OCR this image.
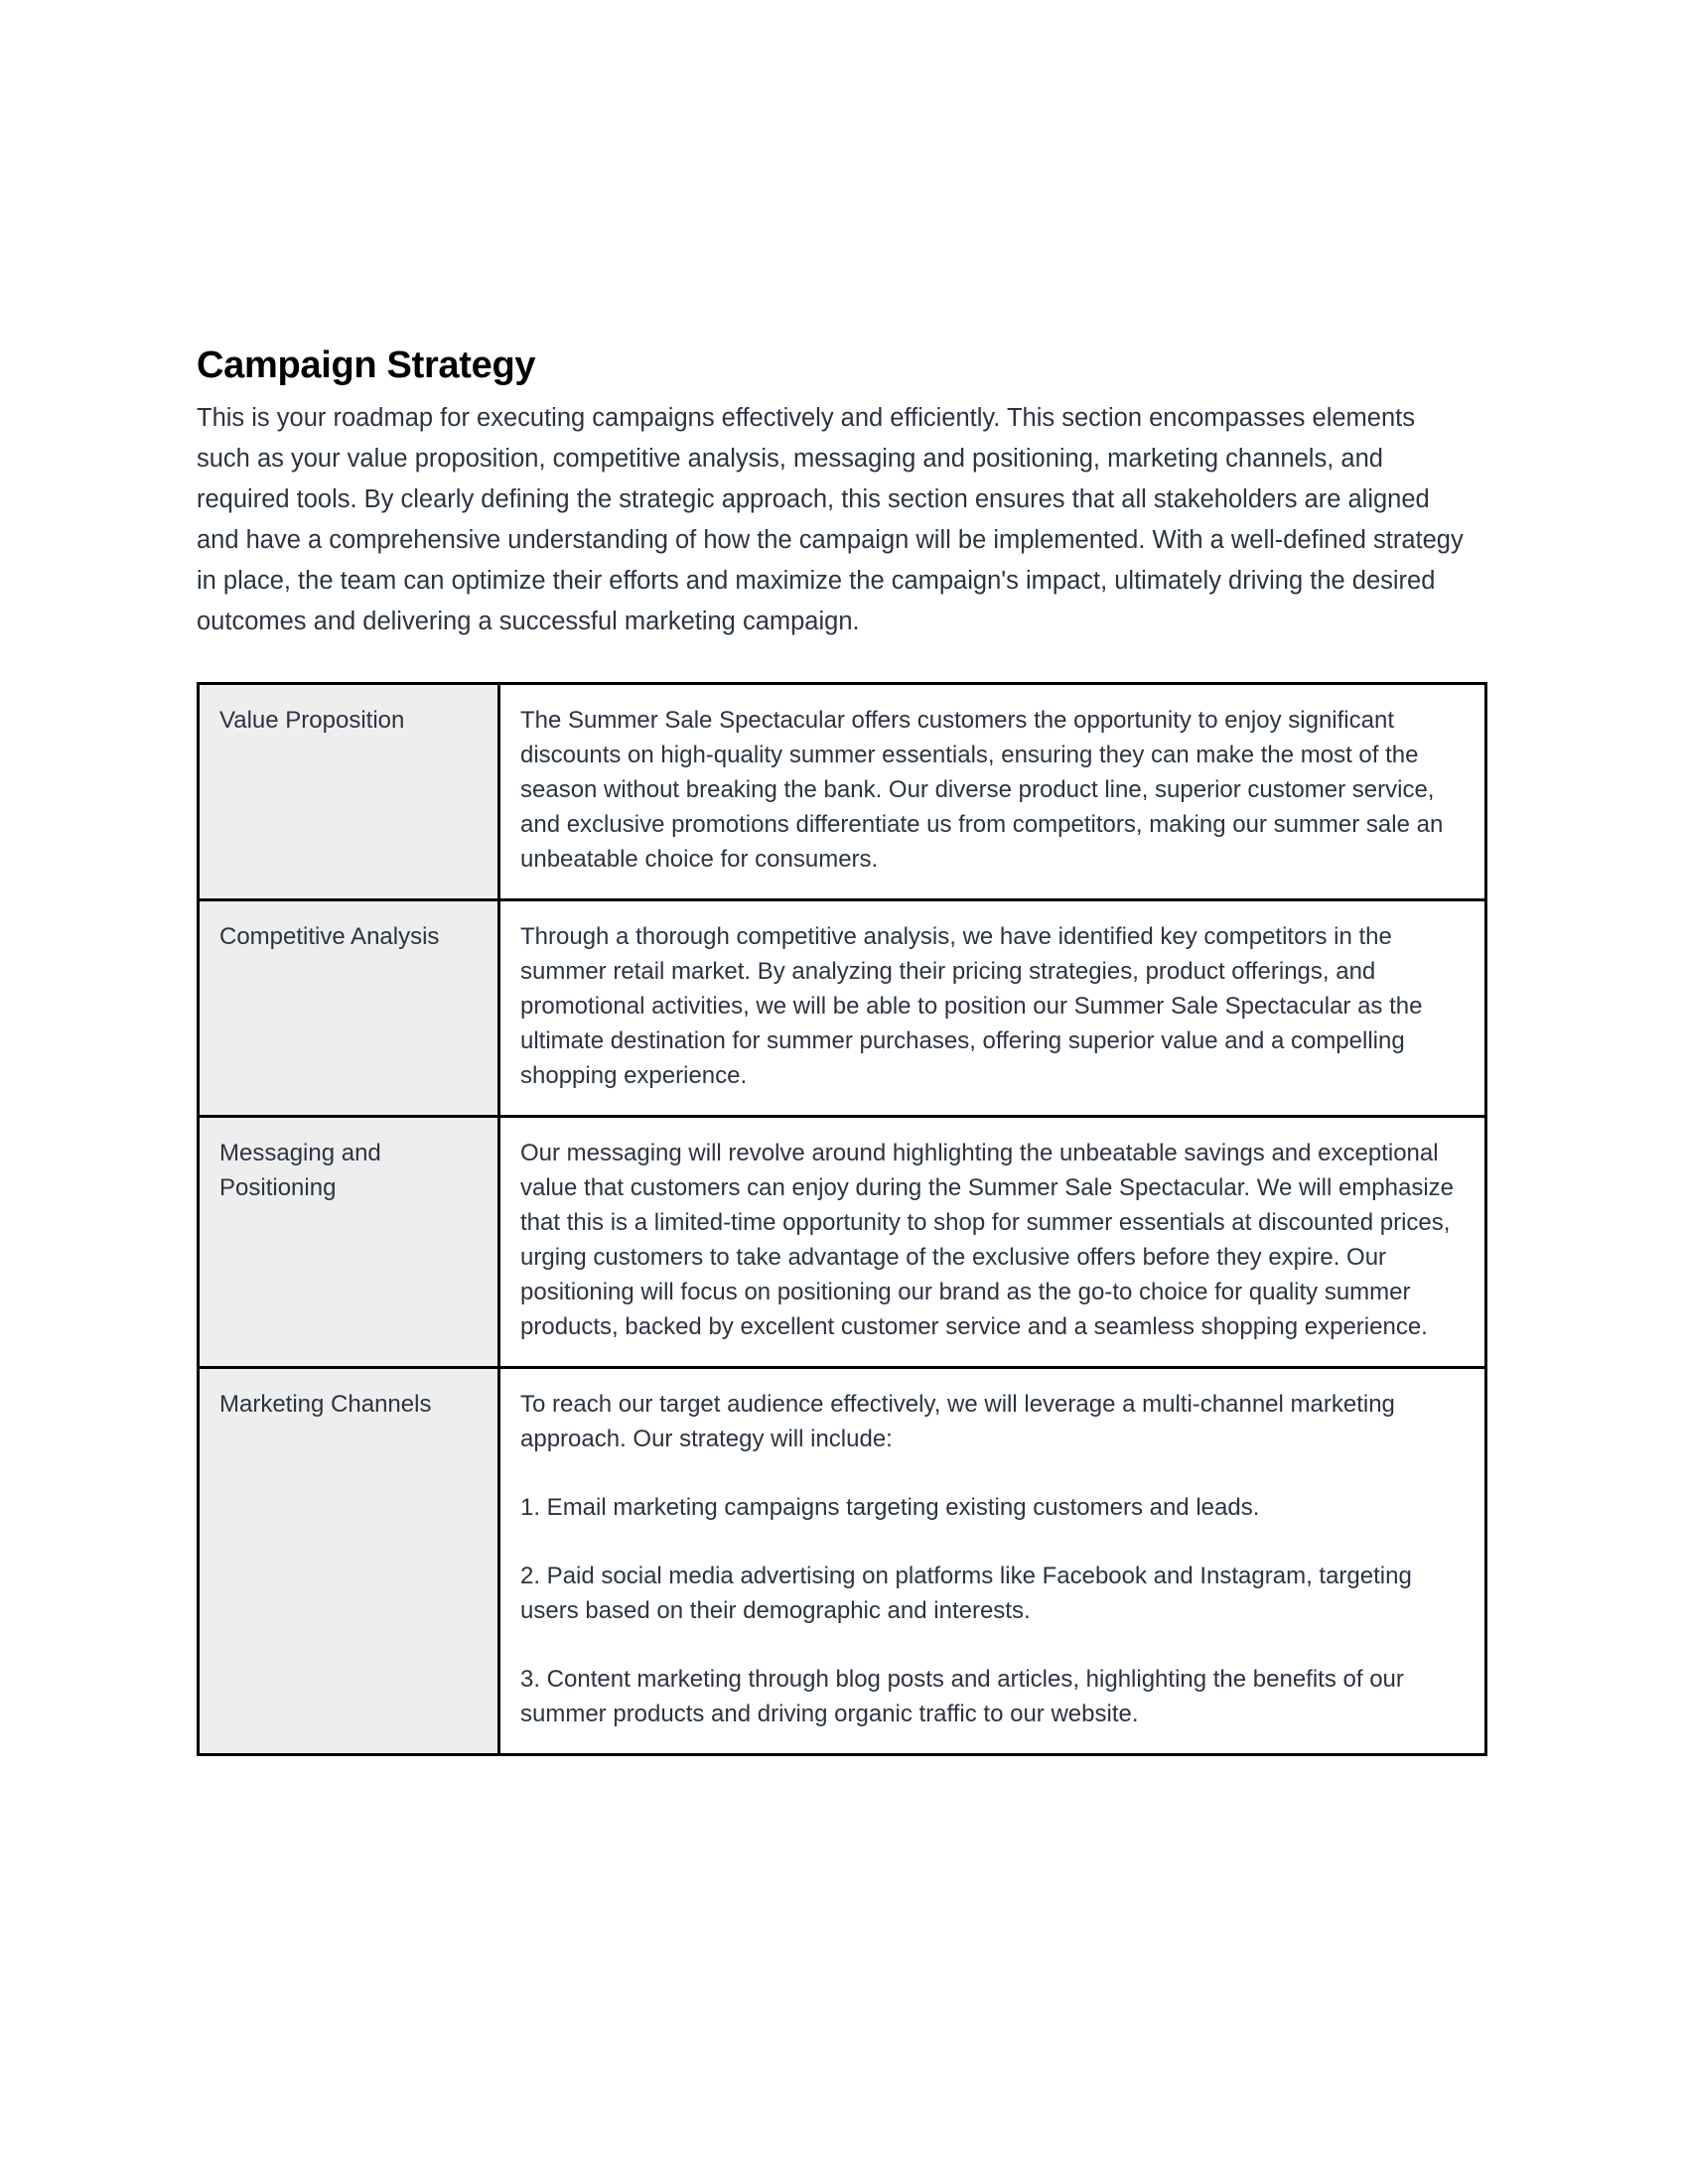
Campaign Strategy

This is your roadmap for executing campaigns effectively and efficiently. This section encompasses elements such as your value proposition, competitive analysis, messaging and positioning, marketing channels, and required tools. By clearly defining the strategic approach, this section ensures that all stakeholders are aligned and have a comprehensive understanding of how the campaign will be implemented. With a well-defined strategy in place, the team can optimize their efforts and maximize the campaign's impact, ultimately driving the desired outcomes and delivering a successful marketing campaign.

Value Proposition	The Summer Sale Spectacular offers customers the opportunity to enjoy significant discounts on high-quality summer essentials, ensuring they can make the most of the season without breaking the bank. Our diverse product line, superior customer service, and exclusive promotions differentiate us from competitors, making our summer sale an unbeatable choice for consumers.

Competitive Analysis	Through a thorough competitive analysis, we have identified key competitors in the summer retail market. By analyzing their pricing strategies, product offerings, and promotional activities, we will be able to position our Summer Sale Spectacular as the ultimate destination for summer purchases, offering superior value and a compelling shopping experience.

Messaging and Positioning	Our messaging will revolve around highlighting the unbeatable savings and exceptional value that customers can enjoy during the Summer Sale Spectacular. We will emphasize that this is a limited-time opportunity to shop for summer essentials at discounted prices, urging customers to take advantage of the exclusive offers before they expire. Our positioning will focus on positioning our brand as the go-to choice for quality summer products, backed by excellent customer service and a seamless shopping experience.

Marketing Channels	To reach our target audience effectively, we will leverage a multi-channel marketing approach. Our strategy will include:

1. Email marketing campaigns targeting existing customers and leads.

2. Paid social media advertising on platforms like Facebook and Instagram, targeting users based on their demographic and interests.

3. Content marketing through blog posts and articles, highlighting the benefits of our summer products and driving organic traffic to our website.
